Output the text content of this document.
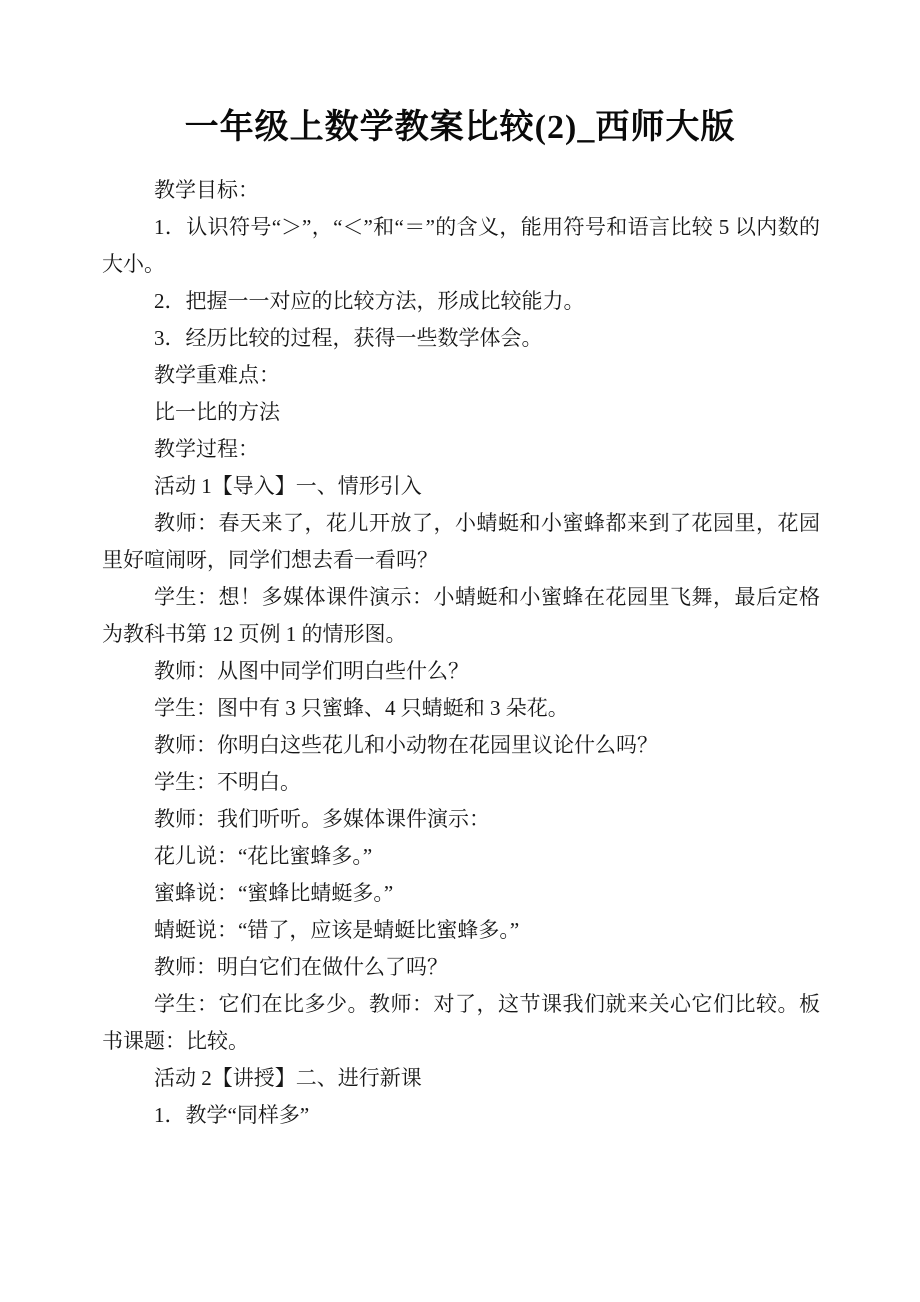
一年级上数学教案比较(2)_西师大版

教学目标：

1．认识符号“＞”，“＜”和“＝”的含义，能用符号和语言比较 5 以内数的大小。

2．把握一一对应的比较方法，形成比较能力。

3．经历比较的过程，获得一些数学体会。

教学重难点：

比一比的方法

教学过程：

活动 1【导入】一、情形引入

教师：春天来了，花儿开放了，小蜻蜓和小蜜蜂都来到了花园里，花园里好喧闹呀，同学们想去看一看吗？

学生：想！多媒体课件演示：小蜻蜓和小蜜蜂在花园里飞舞，最后定格为教科书第 12 页例 1 的情形图。

教师：从图中同学们明白些什么？

学生：图中有 3 只蜜蜂、4 只蜻蜓和 3 朵花。

教师：你明白这些花儿和小动物在花园里议论什么吗？

学生：不明白。

教师：我们听听。多媒体课件演示：

花儿说：“花比蜜蜂多。”

蜜蜂说：“蜜蜂比蜻蜓多。”

蜻蜓说：“错了，应该是蜻蜓比蜜蜂多。”

教师：明白它们在做什么了吗？

学生：它们在比多少。教师：对了，这节课我们就来关心它们比较。板书课题：比较。

活动 2【讲授】二、进行新课

1．教学“同样多”
